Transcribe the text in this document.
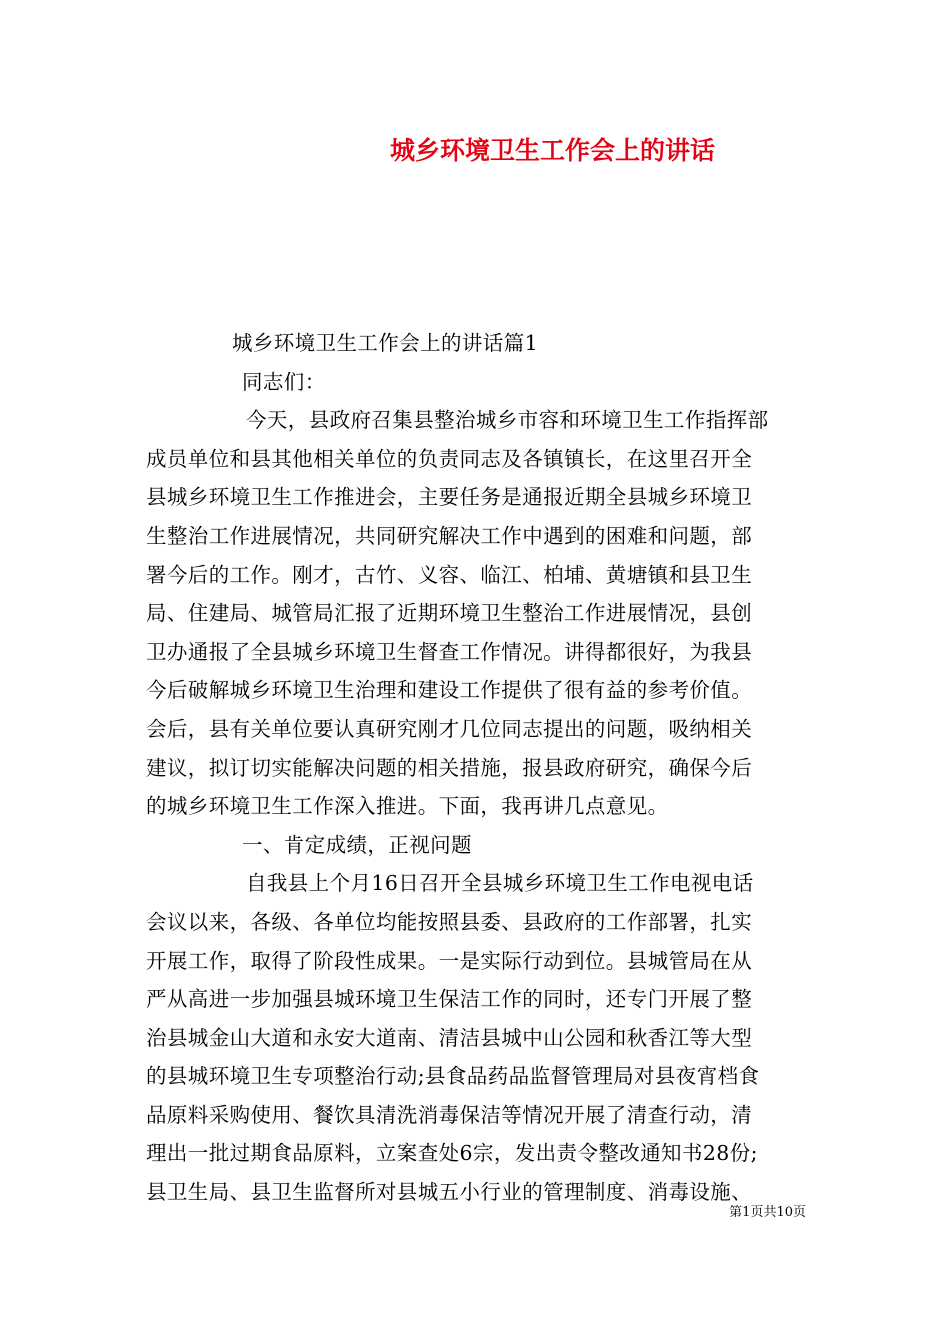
城乡环境卫生工作会上的讲话
城乡环境卫生工作会上的讲话篇1
同志们：
今天，县政府召集县整治城乡市容和环境卫生工作指挥部
成员单位和县其他相关单位的负责同志及各镇镇长，在这里召开全
县城乡环境卫生工作推进会，主要任务是通报近期全县城乡环境卫
生整治工作进展情况，共同研究解决工作中遇到的困难和问题，部
署今后的工作。刚才，古竹、义容、临江、柏埔、黄塘镇和县卫生
局、住建局、城管局汇报了近期环境卫生整治工作进展情况，县创
卫办通报了全县城乡环境卫生督查工作情况。讲得都很好，为我县
今后破解城乡环境卫生治理和建设工作提供了很有益的参考价值。
会后，县有关单位要认真研究刚才几位同志提出的问题，吸纳相关
建议，拟订切实能解决问题的相关措施，报县政府研究，确保今后
的城乡环境卫生工作深入推进。下面，我再讲几点意见。
一、肯定成绩，正视问题
自我县上个月16日召开全县城乡环境卫生工作电视电话
会议以来，各级、各单位均能按照县委、县政府的工作部署，扎实
开展工作，取得了阶段性成果。一是实际行动到位。县城管局在从
严从高进一步加强县城环境卫生保洁工作的同时，还专门开展了整
治县城金山大道和永安大道南、清洁县城中山公园和秋香江等大型
的县城环境卫生专项整治行动;县食品药品监督管理局对县夜宵档食
品原料采购使用、餐饮具清洗消毒保洁等情况开展了清查行动，清
理出一批过期食品原料，立案查处6宗，发出责令整改通知书28份;
县卫生局、县卫生监督所对县城五小行业的管理制度、消毒设施、
第1页共10页
